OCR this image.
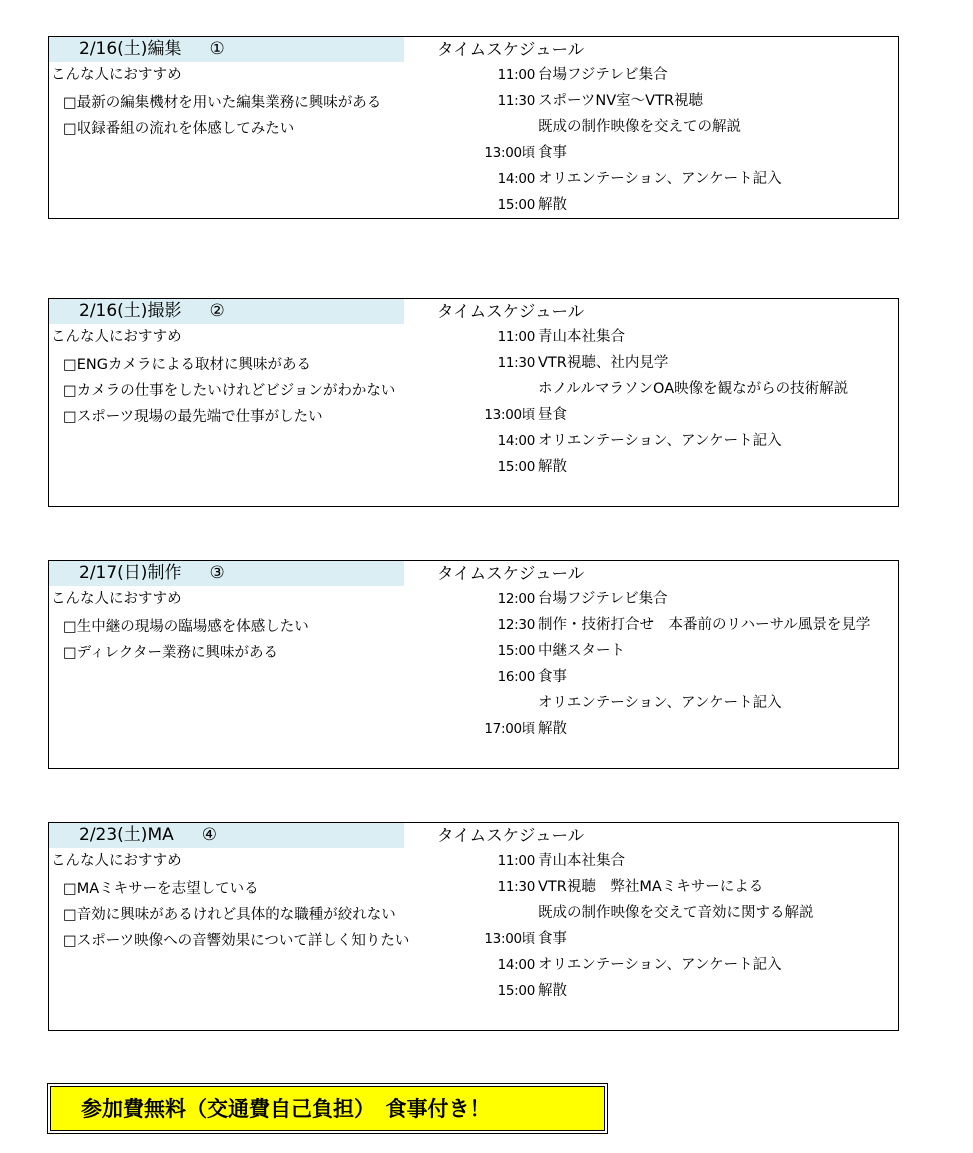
2/16(土)編集 ①	タイムスケジュール
こんな人におすすめ
□最新の編集機材を用いた編集業務に興味がある
□収録番組の流れを体感してみたい
11:00 台場フジテレビ集合
11:30 スポーツNV室～VTR視聴
既成の制作映像を交えての解説
13:00頃 食事
14:00 オリエンテーション、アンケート記入
15:00 解散
2/16(土)撮影 ②	タイムスケジュール
こんな人におすすめ
□ENGカメラによる取材に興味がある
□カメラの仕事をしたいけれどビジョンがわかない
□スポーツ現場の最先端で仕事がしたい
11:00 青山本社集合
11:30 VTR視聴、社内見学
ホノルルマラソンOA映像を観ながらの技術解説
13:00頃 昼食
14:00 オリエンテーション、アンケート記入
15:00 解散
2/17(日)制作 ③	タイムスケジュール
こんな人におすすめ
□生中継の現場の臨場感を体感したい
□ディレクター業務に興味がある
12:00 台場フジテレビ集合
12:30 制作・技術打合せ　本番前のリハーサル風景を見学
15:00 中継スタート
16:00 食事
オリエンテーション、アンケート記入
17:00頃 解散
2/23(土)MA ④	タイムスケジュール
こんな人におすすめ
□MAミキサーを志望している
□音効に興味があるけれど具体的な職種が絞れない
□スポーツ映像への音響効果について詳しく知りたい
11:00 青山本社集合
11:30 VTR視聴　弊社MAミキサーによる
既成の制作映像を交えて音効に関する解説
13:00頃 食事
14:00 オリエンテーション、アンケート記入
15:00 解散
参加費無料（交通費自己負担）　食事付き！
